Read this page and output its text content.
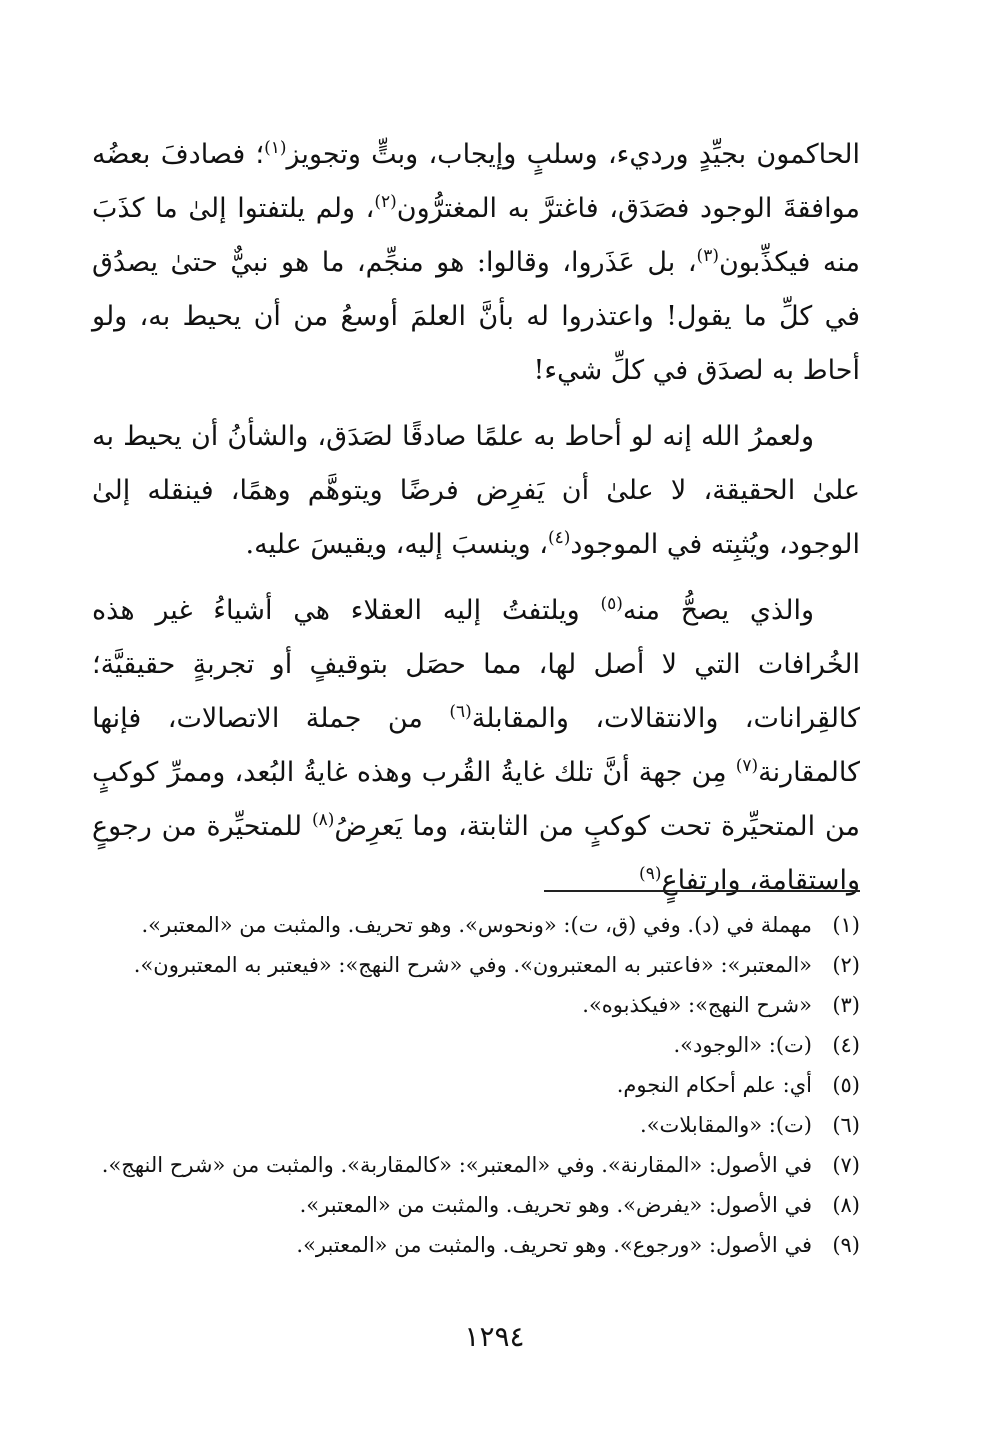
الحاكمون بجيِّدٍ ورديء، وسلبٍ وإيجاب، وبتٍّ وتجويز$^{(١)}$؛ فصادفَ بعضُه موافقةَ الوجود فصَدَق، فاغترَّ به المغترُّون$^{(٢)}$، ولم يلتفتوا إلىٰ ما كذَبَ منه فيكذِّبون$^{(٣)}$، بل عَذَروا، وقالوا: هو منجِّم، ما هو نبيٌّ حتىٰ يصدُق في كلِّ ما يقول! واعتذروا له بأنَّ العلمَ أوسعُ من أن يحيط به، ولو أحاط به لصدَق في كلِّ شيء!

ولعمرُ الله إنه لو أحاط به علمًا صادقًا لصَدَق، والشأنُ أن يحيط به علىٰ الحقيقة، لا علىٰ أن يَفرِض فرضًا ويتوهَّم وهمًا، فينقله إلىٰ الوجود، ويُثبِته في الموجود$^{(٤)}$، وينسبَ إليه، ويقيسَ عليه.

والذي يصحُّ منه$^{(٥)}$ ويلتفتُ إليه العقلاء هي أشياءُ غير هذه الخُرافات التي لا أصل لها، مما حصَل بتوقيفٍ أو تجربةٍ حقيقيَّة؛ كالقِرانات، والانتقالات، والمقابلة$^{(٦)}$ من جملة الاتصالات، فإنها كالمقارنة$^{(٧)}$ مِن جهة أنَّ تلك غايةُ القُرب وهذه غايةُ البُعد، وممرِّ كوكبٍ من المتحيِّرة تحت كوكبٍ من الثابتة، وما يَعرِضُ$^{(٨)}$ للمتحيِّرة من رجوعٍ واستقامة، وارتفاعٍ$^{(٩)}$

(١)مهملة في (د). وفي (ق، ت): «ونحوس». وهو تحريف. والمثبت من «المعتبر».
(٢)«المعتبر»: «فاعتبر به المعتبرون». وفي «شرح النهج»: «فيعتبر به المعتبرون».
(٣)«شرح النهج»: «فيكذبوه».
(٤)(ت): «الوجود».
(٥)أي: علم أحكام النجوم.
(٦)(ت): «والمقابلات».
(٧)في الأصول: «المقارنة». وفي «المعتبر»: «كالمقاربة». والمثبت من «شرح النهج».
(٨)في الأصول: «يفرض». وهو تحريف. والمثبت من «المعتبر».
(٩)في الأصول: «ورجوع». وهو تحريف. والمثبت من «المعتبر».
١٢٩٤
